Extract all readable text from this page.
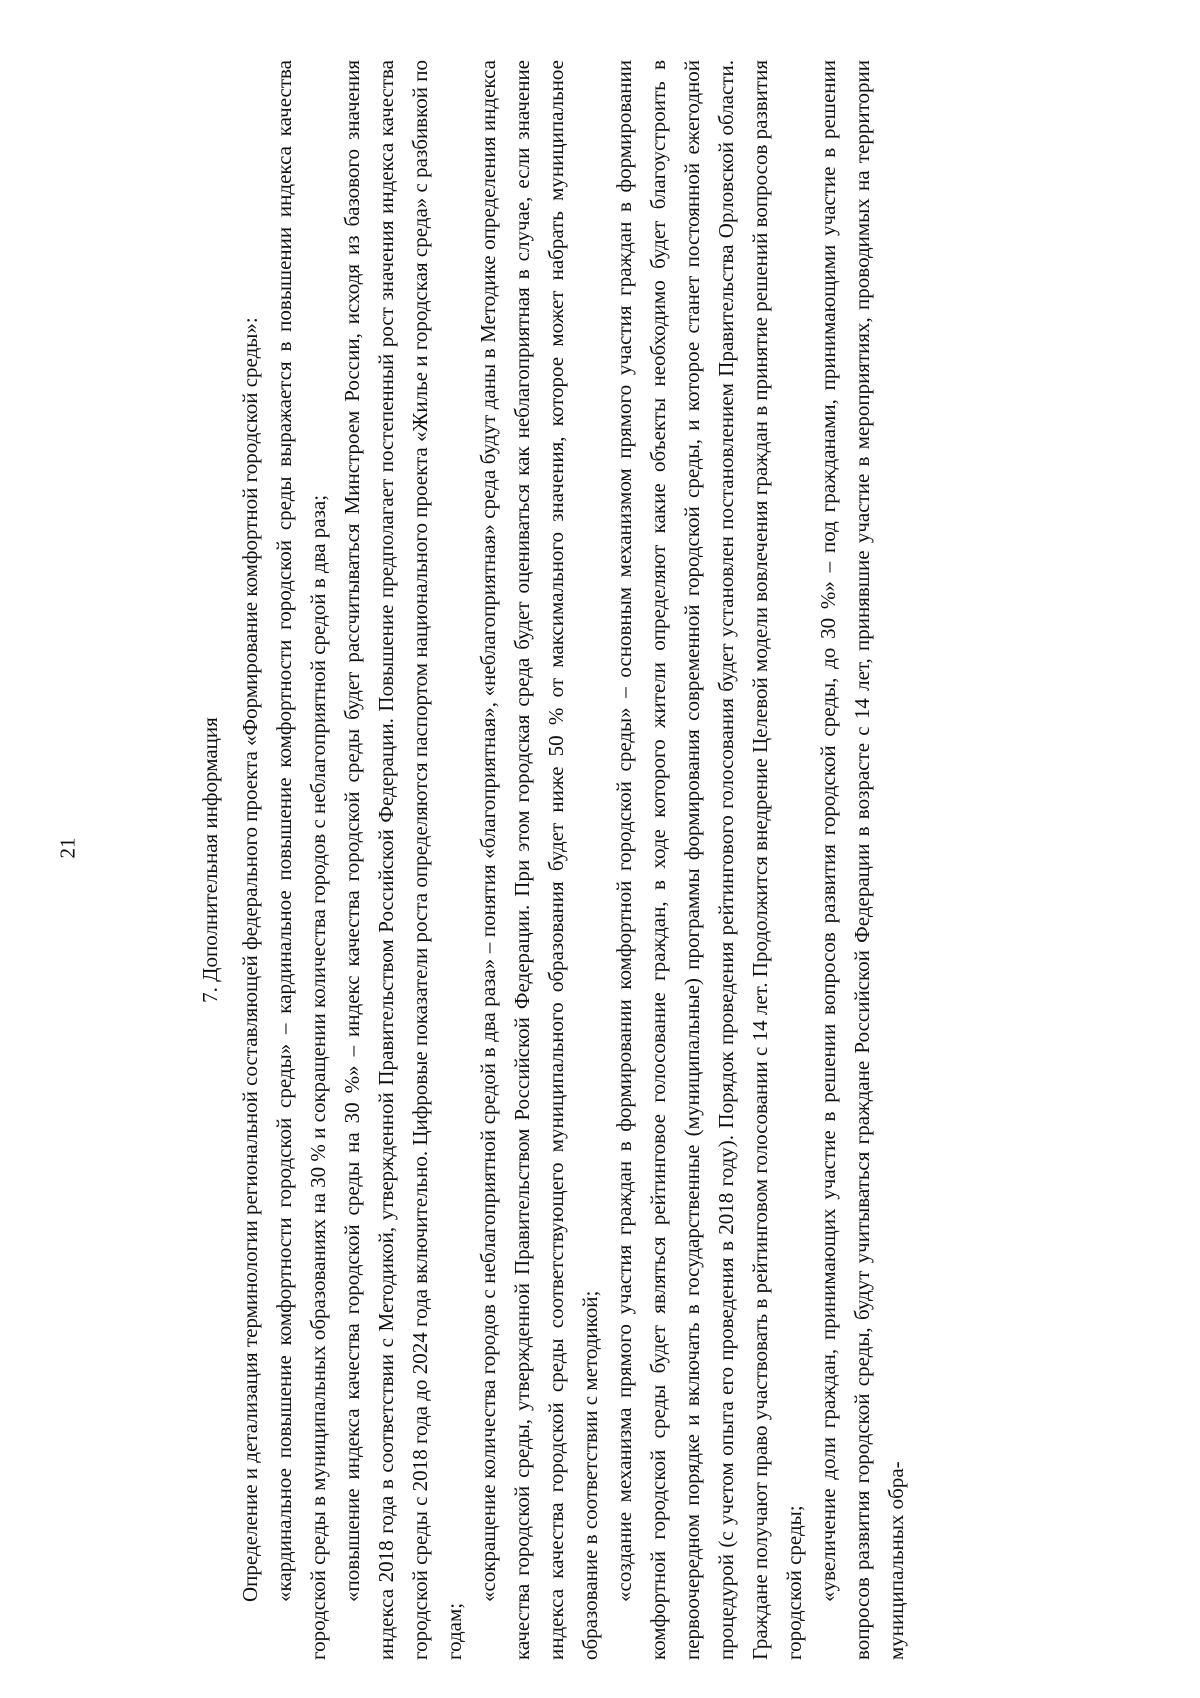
21	7. Дополнительная информация Определение и детализация терминологии региональной составляющей федерального проекта «Формирование комфортной городской среды»: «кардинальное повышение комфортности городской среды» – кардинальное повышение комфортности городской среды выражается в повышении индекса качества городской среды в муниципальных образованиях на 30 % и сокращении количества городов с неблагоприятной средой в два раза; «повышение индекса качества городской среды на 30 %» – индекс качества городской среды будет рассчитываться Минстроем России, исходя из базового значения индекса 2018 года в соответствии с Методикой, утвержденной Правительством Российской Федерации. Повышение предполагает постепенный рост значения индекса качества городской среды с 2018 года до 2024 года включительно. Цифровые показатели роста определяются паспортом национального проекта «Жилье и городская среда» с разбивкой по годам;

«сокращение количества городов с неблагоприятной средой в два раза» – понятия «благоприятная», «неблагоприятная» среда будут даны в Методике определения индекса качества городской среды, утвержденной Правительством Российской Федерации. При этом городская среда будет оцениваться как неблагоприятная в случае, если значение индекса качества городской среды соответствующего муниципального образования будет ниже 50 % от максимального значения, которое может набрать муниципальное образование в соответствии с методикой; «создание механизма прямого участия граждан в формировании комфортной городской среды» – основным механизмом прямого участия граждан в формировании комфортной городской среды будет являться рейтинговое голосование граждан, в ходе которого жители определяют какие объекты необходимо будет благоустроить в первоочередном порядке и включать в государственные (муниципальные) программы формирования современной городской среды, и которое станет постоянной ежегодной процедурой (с учетом опыта его проведения в 2018 году). Порядок проведения рейтингового голосования будет установлен постановлением Правительства Орловской области. Граждане получают право участвовать в рейтинговом голосовании с 14 лет. Продолжится внедрение Целевой модели вовлечения граждан в принятие решений вопросов развития городской среды; «увеличение доли граждан, принимающих участие в решении вопросов развития городской среды, до 30 %» – под гражданами, принимающими участие в решении вопросов развития городской среды, будут учитываться граждане Российской Федерации в возрасте с 14 лет, принявшие участие в мероприятиях, проводимых на территории муниципальных обра-
